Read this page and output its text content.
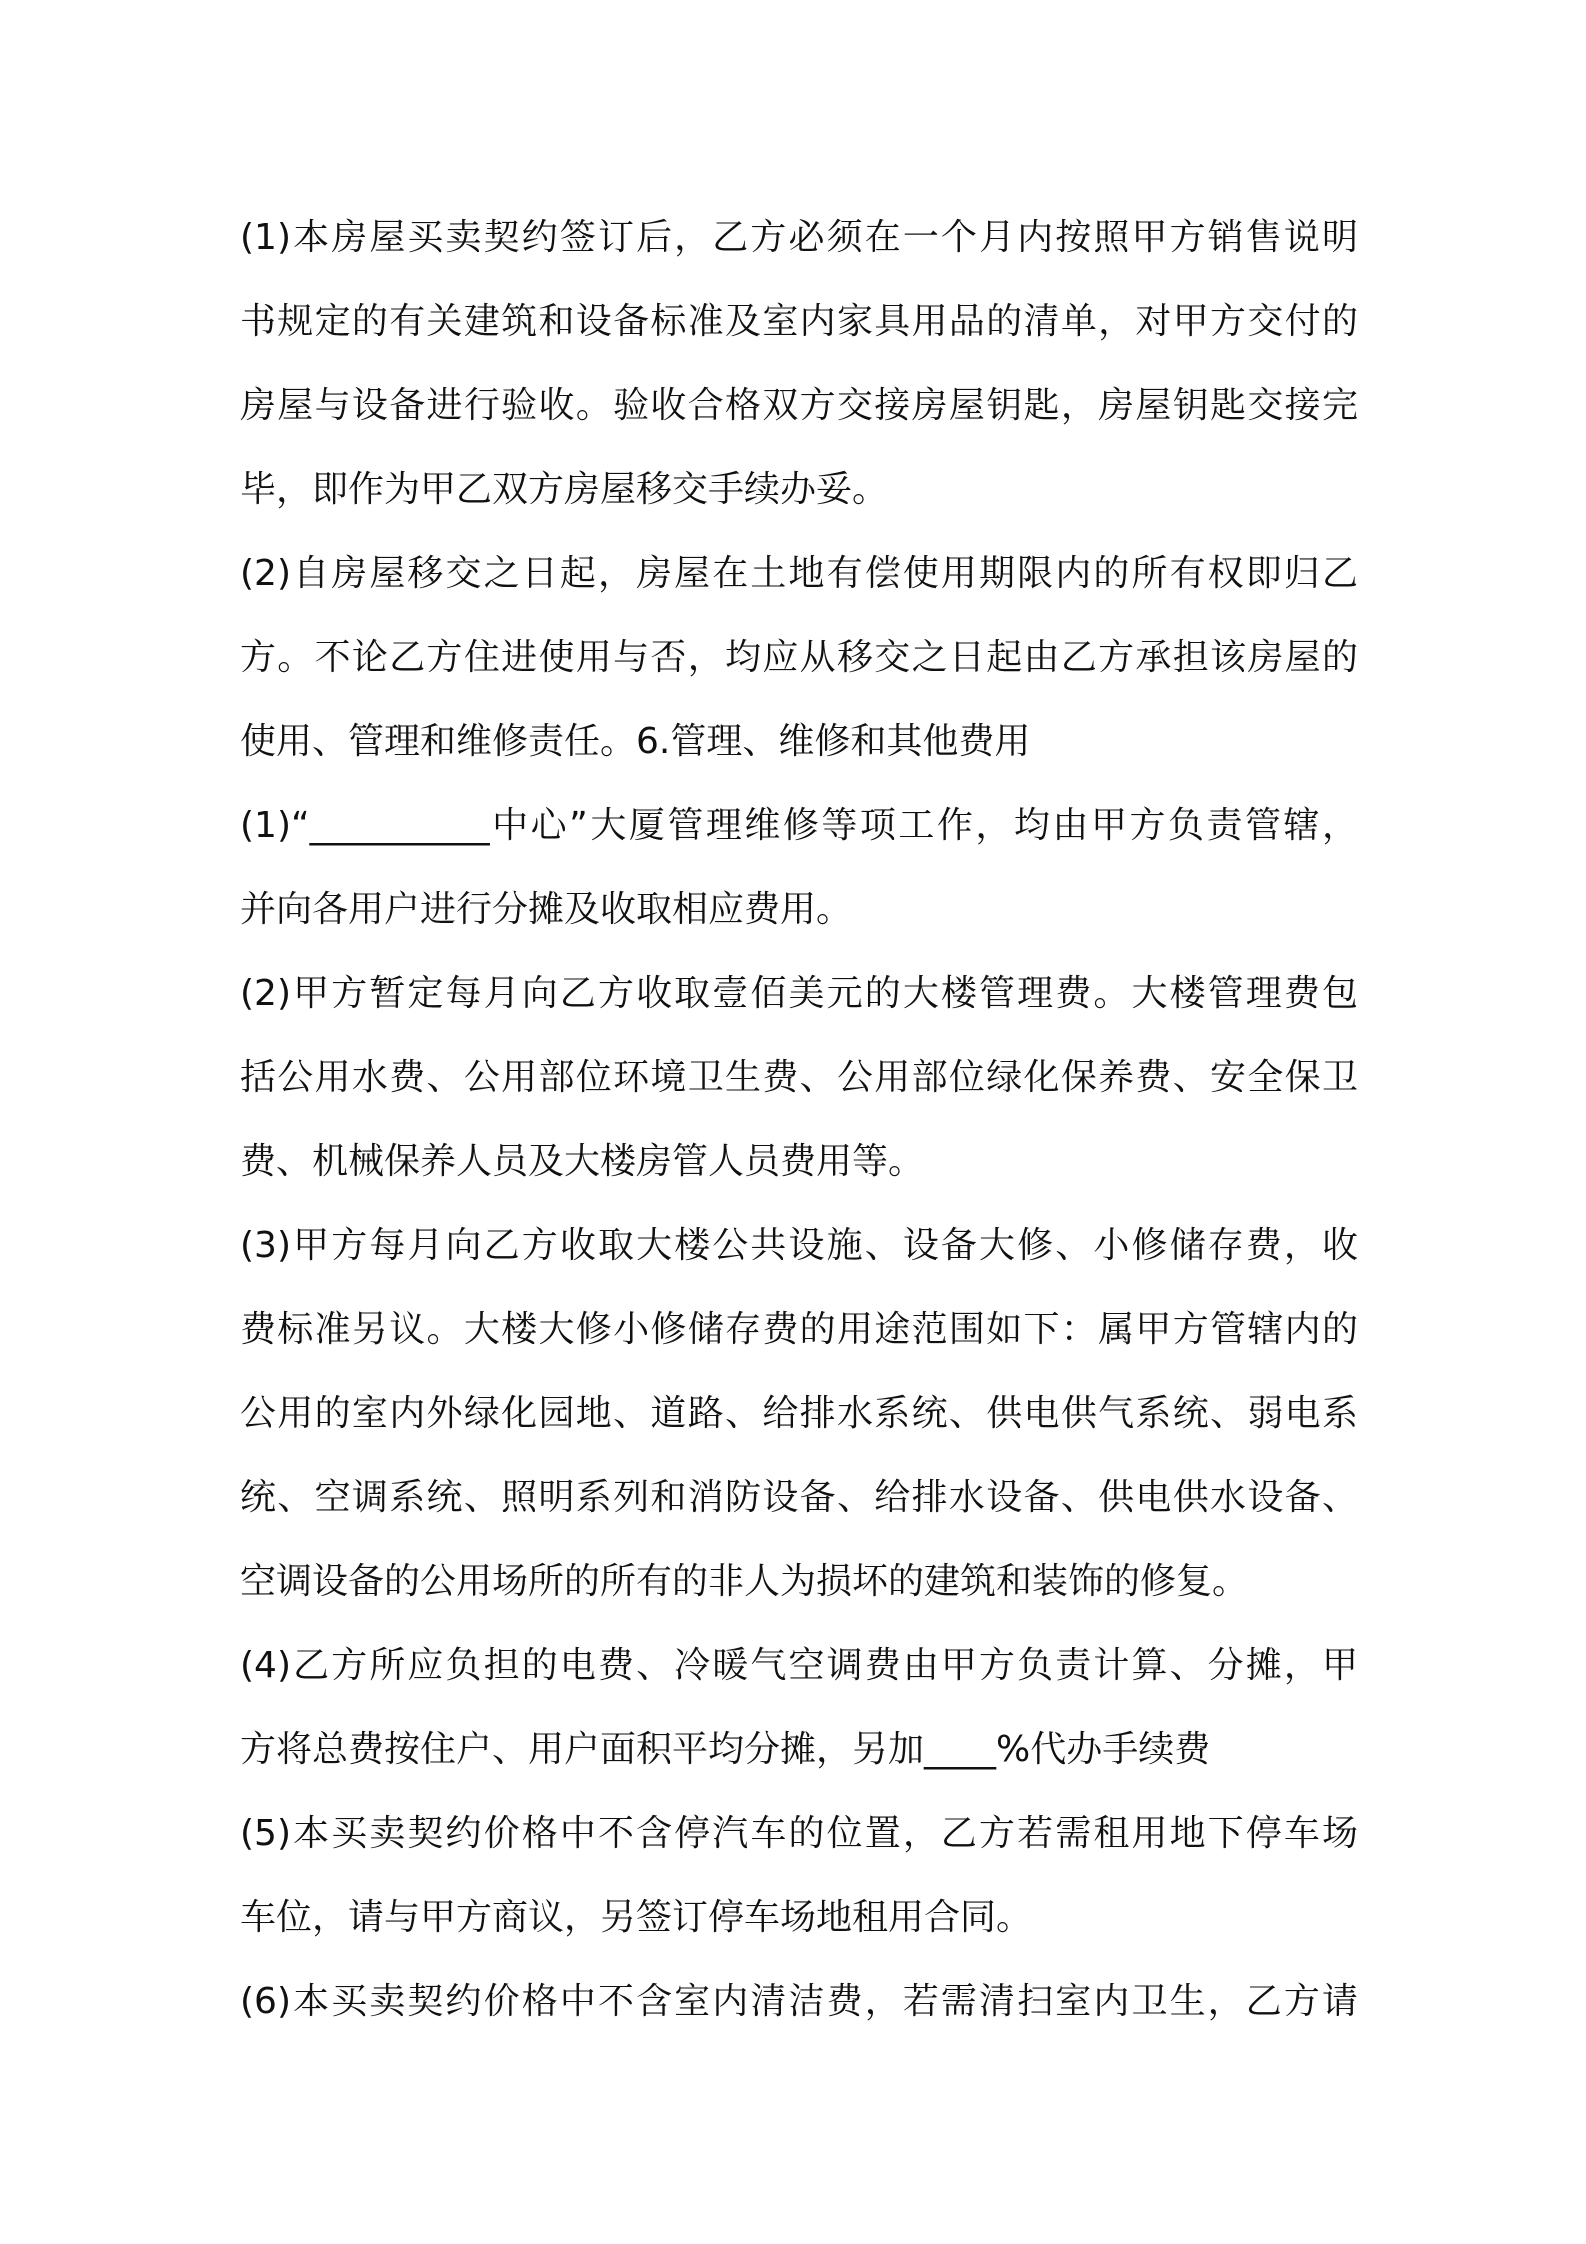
(1)本房屋买卖契约签订后，乙方必须在一个月内按照甲方销售说明
书规定的有关建筑和设备标准及室内家具用品的清单，对甲方交付的
房屋与设备进行验收。验收合格双方交接房屋钥匙，房屋钥匙交接完
毕，即作为甲乙双方房屋移交手续办妥。
(2)自房屋移交之日起，房屋在土地有偿使用期限内的所有权即归乙
方。不论乙方住进使用与否，均应从移交之日起由乙方承担该房屋的
使用、管理和维修责任。6.管理、维修和其他费用
(1)“__________中心”大厦管理维修等项工作，均由甲方负责管辖，
并向各用户进行分摊及收取相应费用。
(2)甲方暂定每月向乙方收取壹佰美元的大楼管理费。大楼管理费包
括公用水费、公用部位环境卫生费、公用部位绿化保养费、安全保卫
费、机械保养人员及大楼房管人员费用等。
(3)甲方每月向乙方收取大楼公共设施、设备大修、小修储存费，收
费标准另议。大楼大修小修储存费的用途范围如下：属甲方管辖内的
公用的室内外绿化园地、道路、给排水系统、供电供气系统、弱电系
统、空调系统、照明系列和消防设备、给排水设备、供电供水设备、
空调设备的公用场所的所有的非人为损坏的建筑和装饰的修复。
(4)乙方所应负担的电费、冷暖气空调费由甲方负责计算、分摊，甲
方将总费按住户、用户面积平均分摊，另加____%代办手续费
(5)本买卖契约价格中不含停汽车的位置，乙方若需租用地下停车场
车位，请与甲方商议，另签订停车场地租用合同。
(6)本买卖契约价格中不含室内清洁费，若需清扫室内卫生，乙方请
